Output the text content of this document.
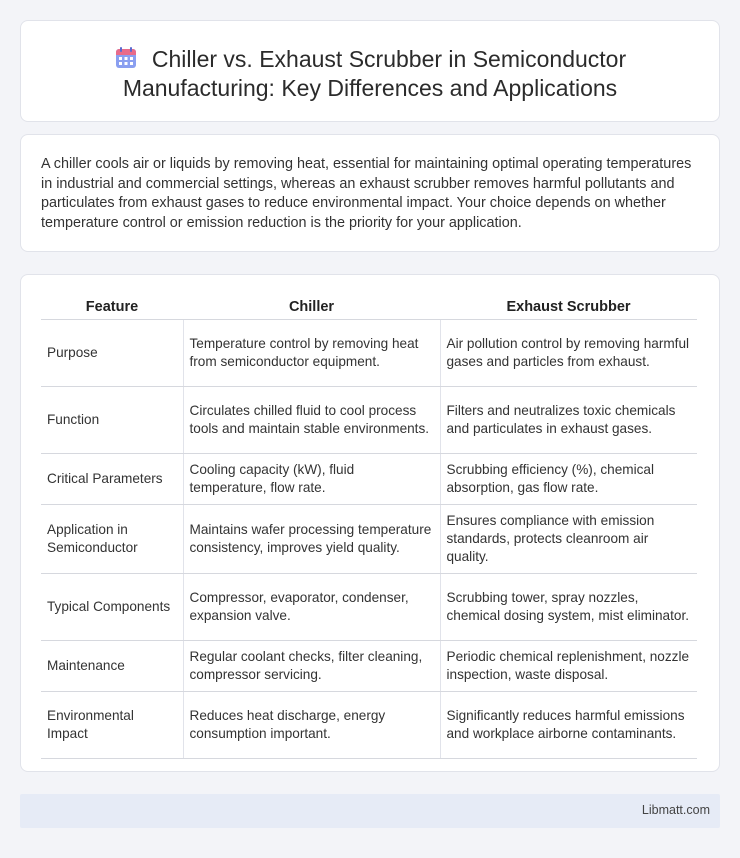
Chiller vs. Exhaust Scrubber in Semiconductor
Manufacturing: Key Differences and Applications

A chiller cools air or liquids by removing heat, essential for maintaining optimal operating temperatures in industrial and commercial settings, whereas an exhaust scrubber removes harmful pollutants and particulates from exhaust gases to reduce environmental impact. Your choice depends on whether temperature control or emission reduction is the priority for your application.

Feature	Chiller	Exhaust Scrubber
Purpose	Temperature control by removing heat from semiconductor equipment.	Air pollution control by removing harmful gases and particles from exhaust.
Function	Circulates chilled fluid to cool process tools and maintain stable environments.	Filters and neutralizes toxic chemicals and particulates in exhaust gases.
Critical Parameters	Cooling capacity (kW), fluid temperature, flow rate.	Scrubbing efficiency (%), chemical absorption, gas flow rate.
Application in Semiconductor	Maintains wafer processing temperature consistency, improves yield quality.	Ensures compliance with emission standards, protects cleanroom air quality.
Typical Components	Compressor, evaporator, condenser, expansion valve.	Scrubbing tower, spray nozzles, chemical dosing system, mist eliminator.
Maintenance	Regular coolant checks, filter cleaning, compressor servicing.	Periodic chemical replenishment, nozzle inspection, waste disposal.
Environmental Impact	Reduces heat discharge, energy consumption important.	Significantly reduces harmful emissions and workplace airborne contaminants.
Libmatt.com
